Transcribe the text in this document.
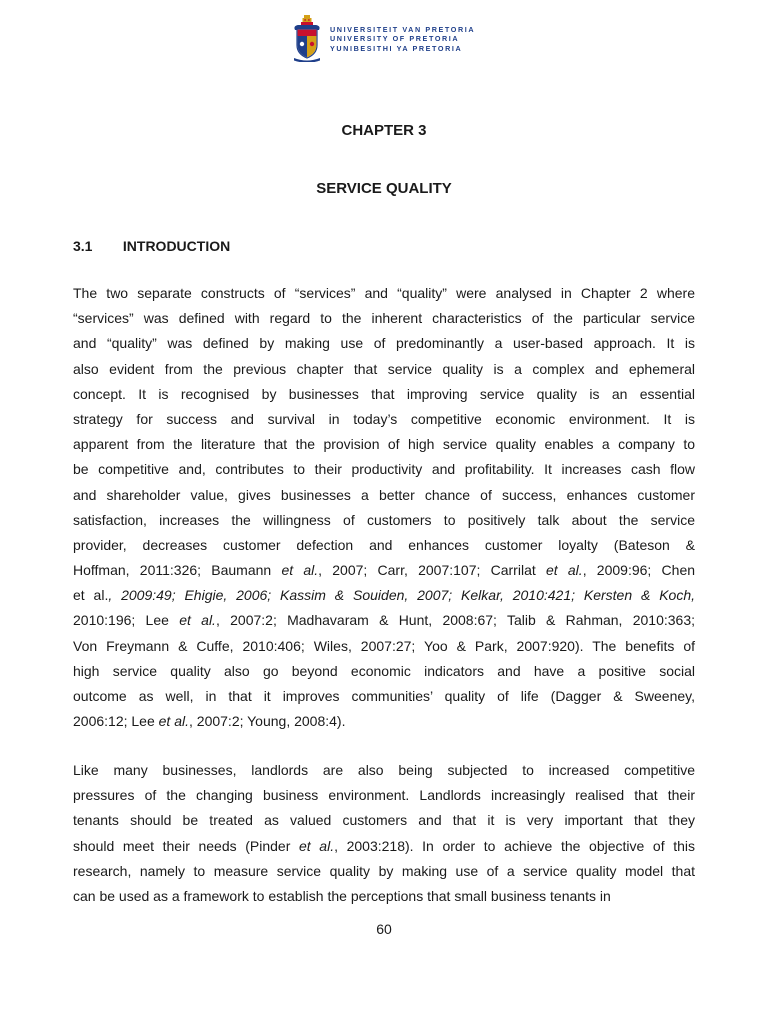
UNIVERSITEIT VAN PRETORIA
UNIVERSITY OF PRETORIA
YUNIBESITHI YA PRETORIA
CHAPTER 3
SERVICE QUALITY
3.1 INTRODUCTION
The two separate constructs of “services” and “quality” were analysed in Chapter 2 where
“services” was defined with regard to the inherent characteristics of the particular service
and “quality” was defined by making use of predominantly a user-based approach. It is
also evident from the previous chapter that service quality is a complex and ephemeral
concept. It is recognised by businesses that improving service quality is an essential
strategy for success and survival in today’s competitive economic environment. It is
apparent from the literature that the provision of high service quality enables a company to
be competitive and, contributes to their productivity and profitability. It increases cash flow
and shareholder value, gives businesses a better chance of success, enhances customer
satisfaction, increases the willingness of customers to positively talk about the service
provider, decreases customer defection and enhances customer loyalty (Bateson &
Hoffman, 2011:326; Baumann et al., 2007; Carr, 2007:107; Carrilat et al., 2009:96; Chen
et al., 2009:49; Ehigie, 2006; Kassim & Souiden, 2007; Kelkar, 2010:421; Kersten & Koch,
2010:196; Lee et al., 2007:2; Madhavaram & Hunt, 2008:67; Talib & Rahman, 2010:363;
Von Freymann & Cuffe, 2010:406; Wiles, 2007:27; Yoo & Park, 2007:920). The benefits of
high service quality also go beyond economic indicators and have a positive social
outcome as well, in that it improves communities’ quality of life (Dagger & Sweeney,
2006:12; Lee et al., 2007:2; Young, 2008:4).
Like many businesses, landlords are also being subjected to increased competitive
pressures of the changing business environment. Landlords increasingly realised that their
tenants should be treated as valued customers and that it is very important that they
should meet their needs (Pinder et al., 2003:218). In order to achieve the objective of this
research, namely to measure service quality by making use of a service quality model that
can be used as a framework to establish the perceptions that small business tenants in
60
